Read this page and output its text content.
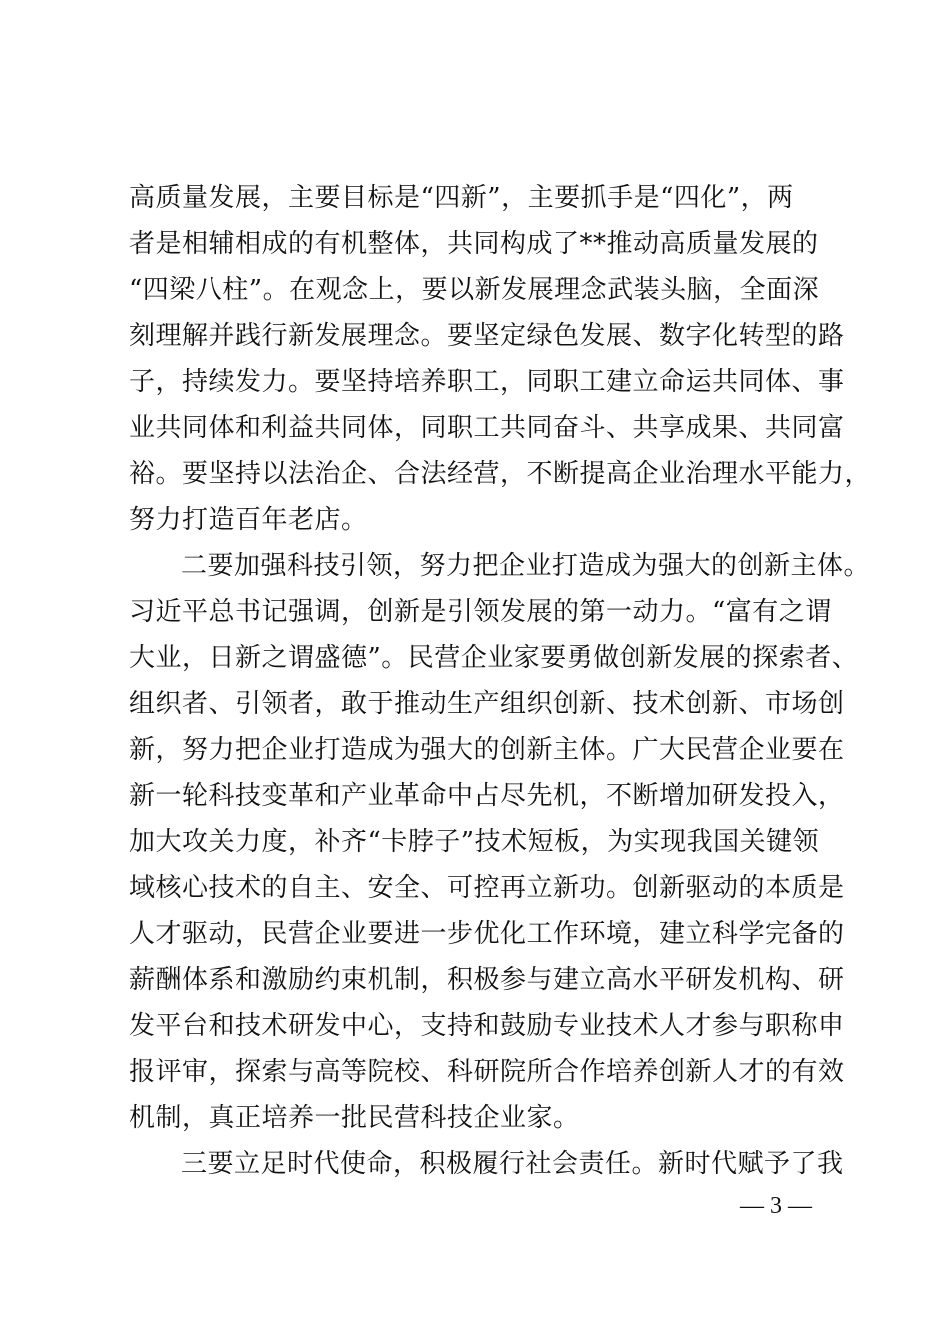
高质量发展，主要目标是“四新”，主要抓手是“四化”，两
者是相辅相成的有机整体，共同构成了**推动高质量发展的
“四梁八柱”。在观念上，要以新发展理念武装头脑，全面深
刻理解并践行新发展理念。要坚定绿色发展、数字化转型的路
子，持续发力。要坚持培养职工，同职工建立命运共同体、事
业共同体和利益共同体，同职工共同奋斗、共享成果、共同富
裕。要坚持以法治企、合法经营，不断提高企业治理水平能力，
努力打造百年老店。
二要加强科技引领，努力把企业打造成为强大的创新主体。
习近平总书记强调，创新是引领发展的第一动力。“富有之谓
大业，日新之谓盛德”。民营企业家要勇做创新发展的探索者、
组织者、引领者，敢于推动生产组织创新、技术创新、市场创
新，努力把企业打造成为强大的创新主体。广大民营企业要在
新一轮科技变革和产业革命中占尽先机，不断增加研发投入，
加大攻关力度，补齐“卡脖子”技术短板，为实现我国关键领
域核心技术的自主、安全、可控再立新功。创新驱动的本质是
人才驱动，民营企业要进一步优化工作环境，建立科学完备的
薪酬体系和激励约束机制，积极参与建立高水平研发机构、研
发平台和技术研发中心，支持和鼓励专业技术人才参与职称申
报评审，探索与高等院校、科研院所合作培养创新人才的有效
机制，真正培养一批民营科技企业家。
三要立足时代使命，积极履行社会责任。新时代赋予了我
— 3 —
